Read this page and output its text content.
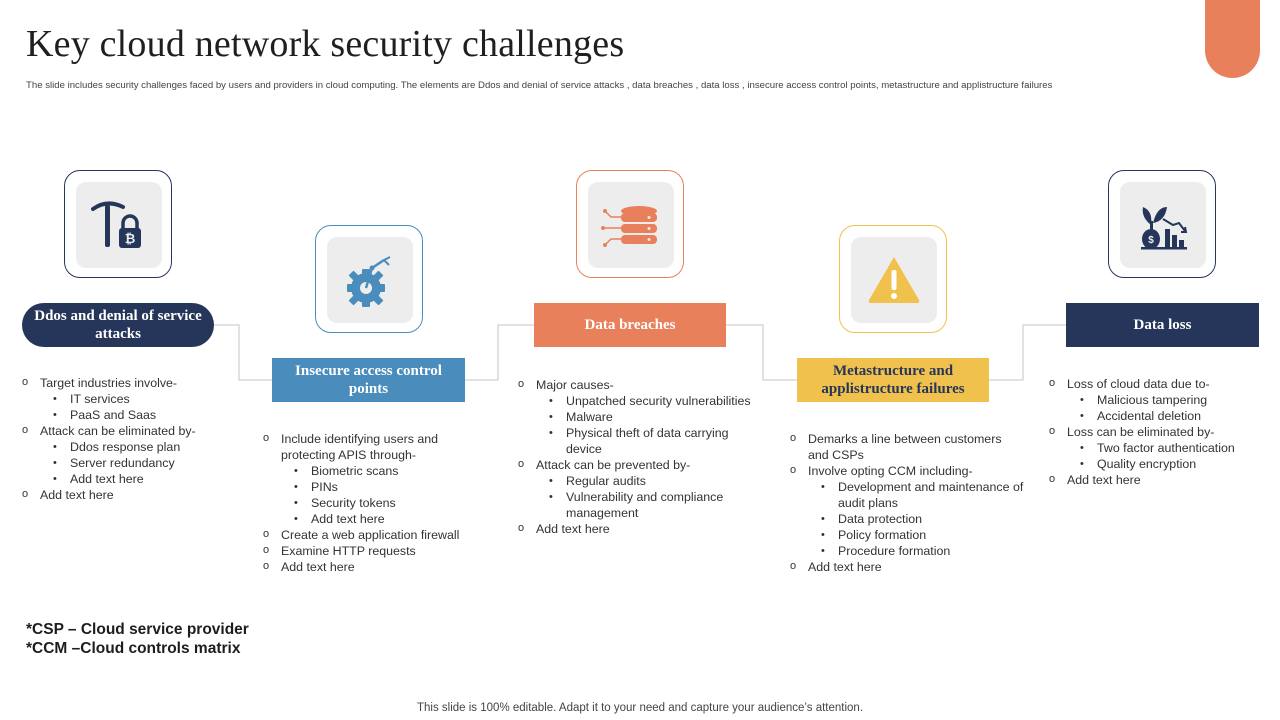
Key cloud network security challenges
The slide includes security challenges faced by users and providers in cloud computing. The elements are Ddos and denial of service attacks , data breaches , data loss , insecure access control points, metastructure and applistructure failures
₿	$
Ddos and denial of service attacks
Insecure access control points
Data breaches
Metastructure and applistructure failures
Data loss
o Target industries involve-
• IT services
• PaaS and Saas
o Attack can be eliminated by-
• Ddos response plan
• Server redundancy
• Add text here
o Add text here
o Include identifying users and protecting APIS through-
• Biometric scans
• PINs
• Security tokens
• Add text here
o Create a web application firewall
o Examine HTTP requests
o Add text here
o Major causes-
• Unpatched security vulnerabilities
• Malware
• Physical theft of data carrying device
o Attack can be prevented by-
• Regular audits
• Vulnerability and compliance management
o Add text here
o Demarks a line between customers and CSPs
o Involve opting CCM including-
• Development and maintenance of audit plans
• Data protection
• Policy formation
• Procedure formation
o Add text here
o Loss of cloud data due to-
• Malicious tampering
• Accidental deletion
o Loss can be eliminated by-
• Two factor authentication
• Quality encryption
o Add text here
*CSP – Cloud service provider
*CCM –Cloud controls matrix
This slide is 100% editable. Adapt it to your need and capture your audience’s attention.
